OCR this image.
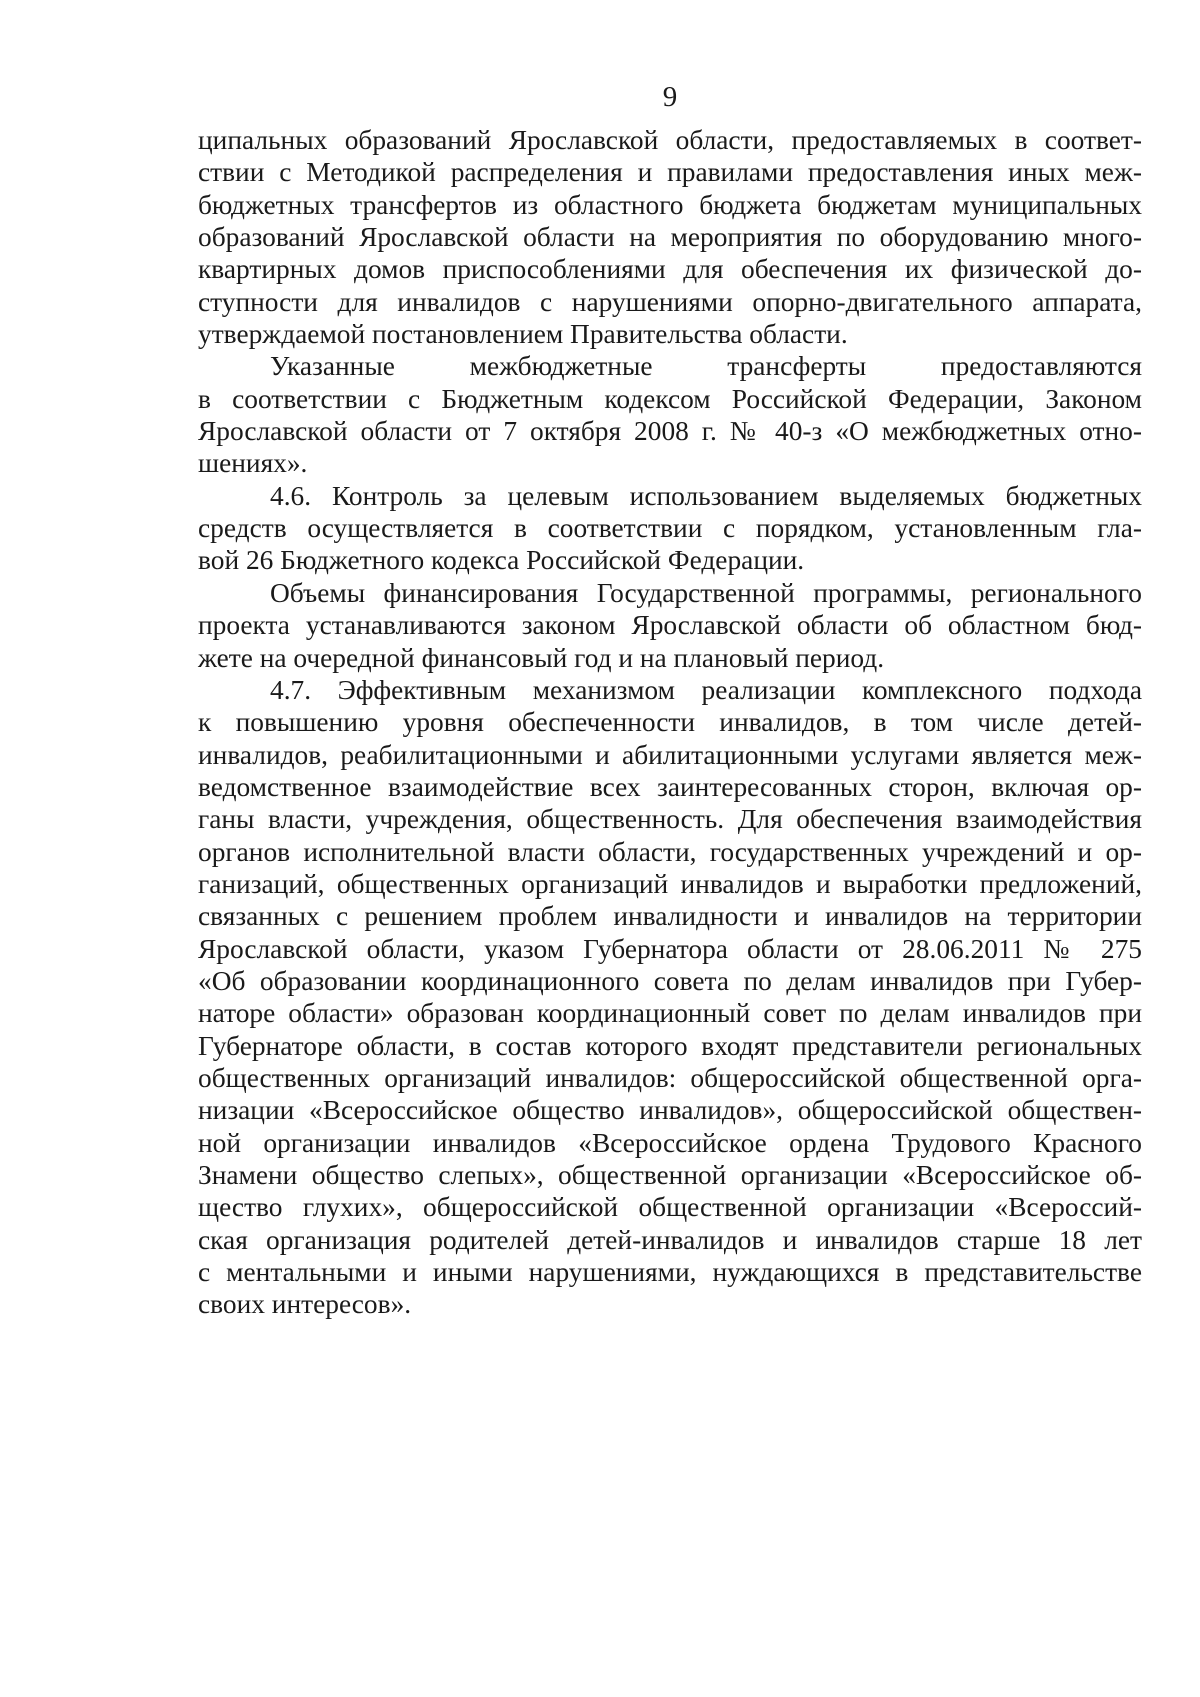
9

ципальных образований Ярославской области, предоставляемых в соответ-
ствии с Методикой распределения и правилами предоставления иных меж-
бюджетных трансфертов из областного бюджета бюджетам муниципальных
образований Ярославской области на мероприятия по оборудованию много-
квартирных домов приспособлениями для обеспечения их физической до-
ступности для инвалидов с нарушениями опорно-двигательного аппарата,
утверждаемой постановлением Правительства области.

Указанные межбюджетные трансферты предоставляются
в соответствии с Бюджетным кодексом Российской Федерации, Законом
Ярославской области от 7 октября 2008 г. № 40-з «О межбюджетных отно-
шениях».

4.6. Контроль за целевым использованием выделяемых бюджетных
средств осуществляется в соответствии с порядком, установленным гла-
вой 26 Бюджетного кодекса Российской Федерации.

Объемы финансирования Государственной программы, регионального
проекта устанавливаются законом Ярославской области об областном бюд-
жете на очередной финансовый год и на плановый период.

4.7. Эффективным механизмом реализации комплексного подхода
к повышению уровня обеспеченности инвалидов, в том числе детей-
инвалидов, реабилитационными и абилитационными услугами является меж-
ведомственное взаимодействие всех заинтересованных сторон, включая ор-
ганы власти, учреждения, общественность. Для обеспечения взаимодействия
органов исполнительной власти области, государственных учреждений и ор-
ганизаций, общественных организаций инвалидов и выработки предложений,
связанных с решением проблем инвалидности и инвалидов на территории
Ярославской области, указом Губернатора области от 28.06.2011 № 275
«Об образовании координационного совета по делам инвалидов при Губер-
наторе области» образован координационный совет по делам инвалидов при
Губернаторе области, в состав которого входят представители региональных
общественных организаций инвалидов: общероссийской общественной орга-
низации «Всероссийское общество инвалидов», общероссийской обществен-
ной организации инвалидов «Всероссийское ордена Трудового Красного
Знамени общество слепых», общественной организации «Всероссийское об-
щество глухих», общероссийской общественной организации «Всероссий-
ская организация родителей детей-инвалидов и инвалидов старше 18 лет
с ментальными и иными нарушениями, нуждающихся в представительстве
своих интересов».
